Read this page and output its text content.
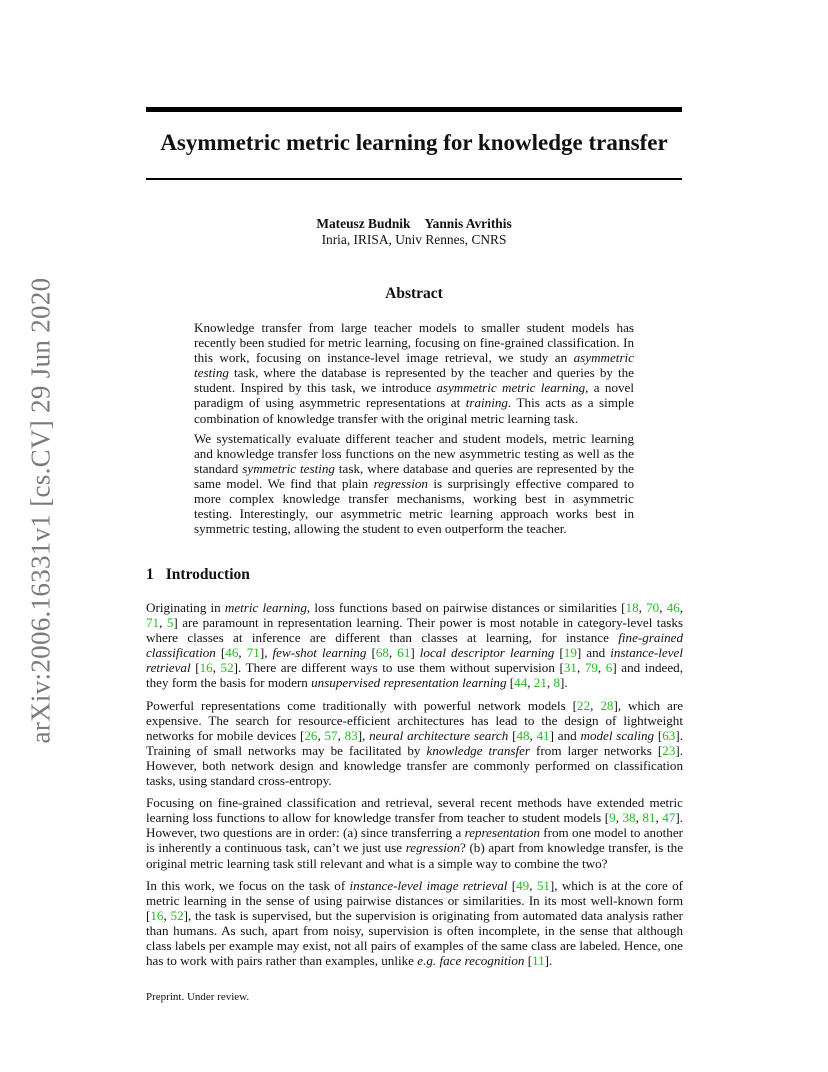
arXiv:2006.16331v1 [cs.CV] 29 Jun 2020
Asymmetric metric learning for knowledge transfer
Mateusz Budnik Yannis Avrithis
Inria, IRISA, Univ Rennes, CNRS
Abstract

Knowledge transfer from large teacher models to smaller student models has recently been studied for metric learning, focusing on fine-grained classification. In this work, focusing on instance-level image retrieval, we study an asymmetric testing task, where the database is represented by the teacher and queries by the student. Inspired by this task, we introduce asymmetric metric learning, a novel paradigm of using asymmetric representations at training. This acts as a simple combination of knowledge transfer with the original metric learning task.

We systematically evaluate different teacher and student models, metric learning and knowledge transfer loss functions on the new asymmetric testing as well as the standard symmetric testing task, where database and queries are represented by the same model. We find that plain regression is surprisingly effective compared to more complex knowledge transfer mechanisms, working best in asymmetric testing. Interestingly, our asymmetric metric learning approach works best in symmetric testing, allowing the student to even outperform the teacher.

1 Introduction

Originating in metric learning, loss functions based on pairwise distances or similarities [18, 70, 46, 71, 5] are paramount in representation learning. Their power is most notable in category-level tasks where classes at inference are different than classes at learning, for instance fine-grained classification [46, 71], few-shot learning [68, 61] local descriptor learning [19] and instance-level retrieval [16, 52]. There are different ways to use them without supervision [31, 79, 6] and indeed, they form the basis for modern unsupervised representation learning [44, 21, 8].

Powerful representations come traditionally with powerful network models [22, 28], which are expensive. The search for resource-efficient architectures has lead to the design of lightweight networks for mobile devices [26, 57, 83], neural architecture search [48, 41] and model scaling [63]. Training of small networks may be facilitated by knowledge transfer from larger networks [23]. However, both network design and knowledge transfer are commonly performed on classification tasks, using standard cross-entropy.

Focusing on fine-grained classification and retrieval, several recent methods have extended metric learning loss functions to allow for knowledge transfer from teacher to student models [9, 38, 81, 47]. However, two questions are in order: (a) since transferring a representation from one model to another is inherently a continuous task, can’t we just use regression? (b) apart from knowledge transfer, is the original metric learning task still relevant and what is a simple way to combine the two?

In this work, we focus on the task of instance-level image retrieval [49, 51], which is at the core of metric learning in the sense of using pairwise distances or similarities. In its most well-known form [16, 52], the task is supervised, but the supervision is originating from automated data analysis rather than humans. As such, apart from noisy, supervision is often incomplete, in the sense that although class labels per example may exist, not all pairs of examples of the same class are labeled. Hence, one has to work with pairs rather than examples, unlike e.g. face recognition [11].

Preprint. Under review.
